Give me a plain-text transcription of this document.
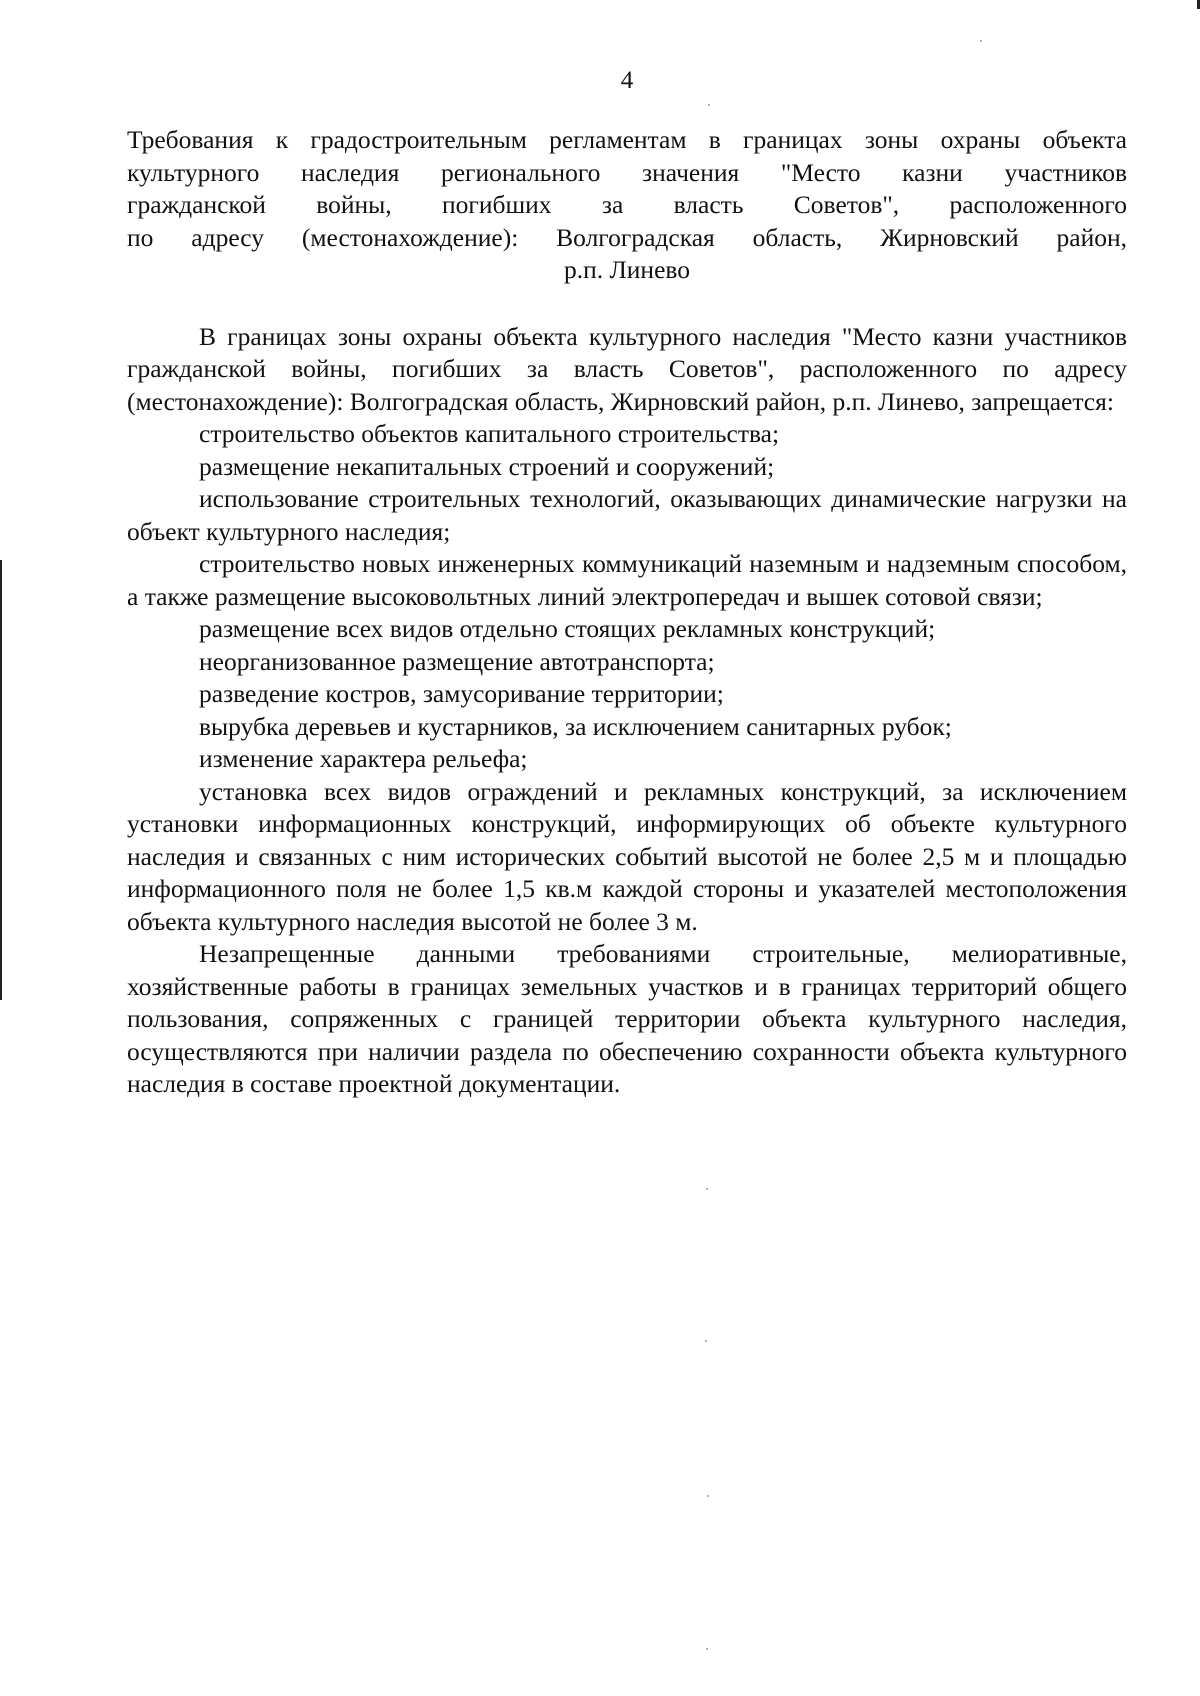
4

Требования к градостроительным регламентам в границах зоны охраны объекта
культурного наследия регионального значения "Место казни участников
гражданской войны, погибших за власть Советов", расположенного
по адресу (местонахождение): Волгоградская область, Жирновский район,
р.п. Линево

В границах зоны охраны объекта культурного наследия "Место казни участников гражданской войны, погибших за власть Советов", расположенного по адресу (местонахождение): Волгоградская область, Жирновский район, р.п. Линево, запрещается:

строительство объектов капитального строительства;

размещение некапитальных строений и сооружений;

использование строительных технологий, оказывающих динамические нагрузки на объект культурного наследия;

строительство новых инженерных коммуникаций наземным и надземным способом, а также размещение высоковольтных линий электропередач и вышек сотовой связи;

размещение всех видов отдельно стоящих рекламных конструкций;

неорганизованное размещение автотранспорта;

разведение костров, замусоривание территории;

вырубка деревьев и кустарников, за исключением санитарных рубок;

изменение характера рельефа;

установка всех видов ограждений и рекламных конструкций, за исключением установки информационных конструкций, информирующих об объекте культурного наследия и связанных с ним исторических событий высотой не более 2,5 м и площадью информационного поля не более 1,5 кв.м каждой стороны и указателей местоположения объекта культурного наследия высотой не более 3 м.

Незапрещенные данными требованиями строительные, мелиоративные, хозяйственные работы в границах земельных участков и в границах территорий общего пользования, сопряженных с границей территории объекта культурного наследия, осуществляются при наличии раздела по обеспечению сохранности объекта культурного наследия в составе проектной документации.
